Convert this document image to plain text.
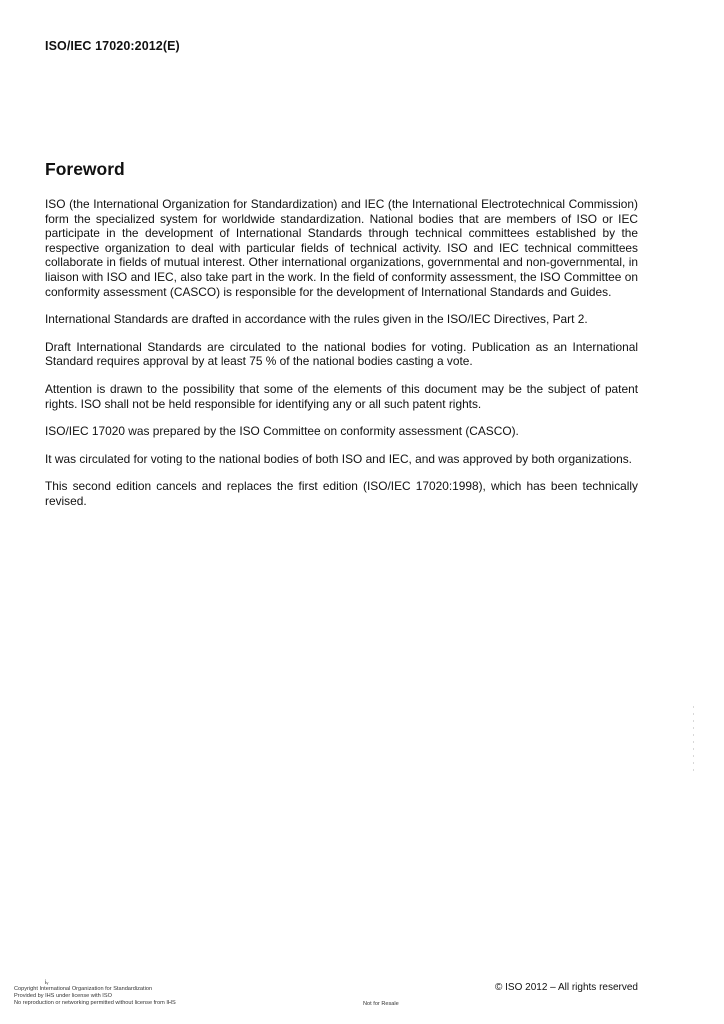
ISO/IEC 17020:2012(E)
Foreword

ISO (the International Organization for Standardization) and IEC (the International Electrotechnical Commission) form the specialized system for worldwide standardization. National bodies that are members of ISO or IEC participate in the development of International Standards through technical committees established by the respective organization to deal with particular fields of technical activity. ISO and IEC technical committees collaborate in fields of mutual interest. Other international organizations, governmental and non-governmental, in liaison with ISO and IEC, also take part in the work. In the field of conformity assessment, the ISO Committee on conformity assessment (CASCO) is responsible for the development of International Standards and Guides.

International Standards are drafted in accordance with the rules given in the ISO/IEC Directives, Part 2.

Draft International Standards are circulated to the national bodies for voting. Publication as an International Standard requires approval by at least 75 % of the national bodies casting a vote.

Attention is drawn to the possibility that some of the elements of this document may be the subject of patent rights. ISO shall not be held responsible for identifying any or all such patent rights.

ISO/IEC 17020 was prepared by the ISO Committee on conformity assessment (CASCO).

It was circulated for voting to the national bodies of both ISO and IEC, and was approved by both organizations.

This second edition cancels and replaces the first edition (ISO/IEC 17020:1998), which has been technically revised.

iᵥ
Copyright International Organization for Standardization
Provided by IHS under license with ISO
No reproduction or networking permitted without license from IHS	Not for Resale
© ISO 2012 – All rights reserved
